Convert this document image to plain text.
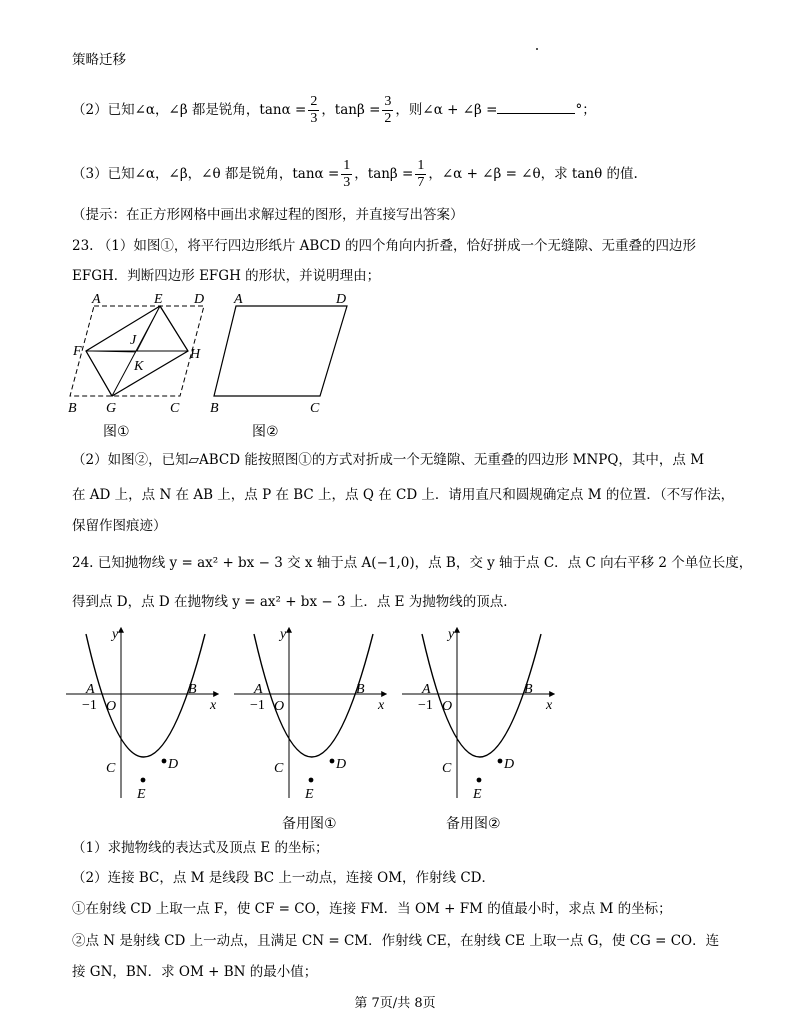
策略迁移
（2）已知∠α，∠β 都是锐角，$\tan\alpha = \frac{2}{3}$ ，$\tan\beta = \frac{3}{2}$ ，则∠α + ∠β =	°；
（3）已知∠α，∠β，∠θ 都是锐角，$\tan\alpha = \frac{1}{3}$ ，$\tan\beta = \frac{1}{7}$ ，∠α + ∠β = ∠θ，求 tanθ 的值.
（提示：在正方形网格中画出求解过程的图形，并直接写出答案）
23. （1）如图①，将平行四边形纸片 ABCD 的四个角向内折叠，恰好拼成一个无缝隙、无重叠的四边形
EFGH．判断四边形 EFGH 的形状，并说明理由；
A	E D
F
J
K
H
B G	C
A	D
B	C
图①	图②
（2）如图②，已知▱ABCD 能按照图①的方式对折成一个无缝隙、无重叠的四边形 MNPQ，其中，点 M
在 AD 上，点 N 在 AB 上，点 P 在 BC 上，点 Q 在 CD 上．请用直尺和圆规确定点 M 的位置．（不写作法，
保留作图痕迹）
24. 已知抛物线 y = ax² + bx − 3 交 x 轴于点 A(−1,0)，点 B，交 y 轴于点 C．点 C 向右平移 2 个单位长度，
得到点 D，点 D 在抛物线 y = ax² + bx − 3 上．点 E 为抛物线的顶点．
y
x
A	B
−1 O
C	D
E
y
x
A	B
−1 O
C	D
E
y
x
A	B
−1 O
C	D
E
备用图①	备用图②
（1）求抛物线的表达式及顶点 E 的坐标；
（2）连接 BC，点 M 是线段 BC 上一动点，连接 OM，作射线 CD．
①在射线 CD 上取一点 F，使 CF = CO，连接 FM．当 OM + FM 的值最小时，求点 M 的坐标；
②点 N 是射线 CD 上一动点，且满足 CN = CM．作射线 CE，在射线 CE 上取一点 G，使 CG = CO．连
接 GN，BN．求 OM + BN 的最小值；
第 7页/共 8页
